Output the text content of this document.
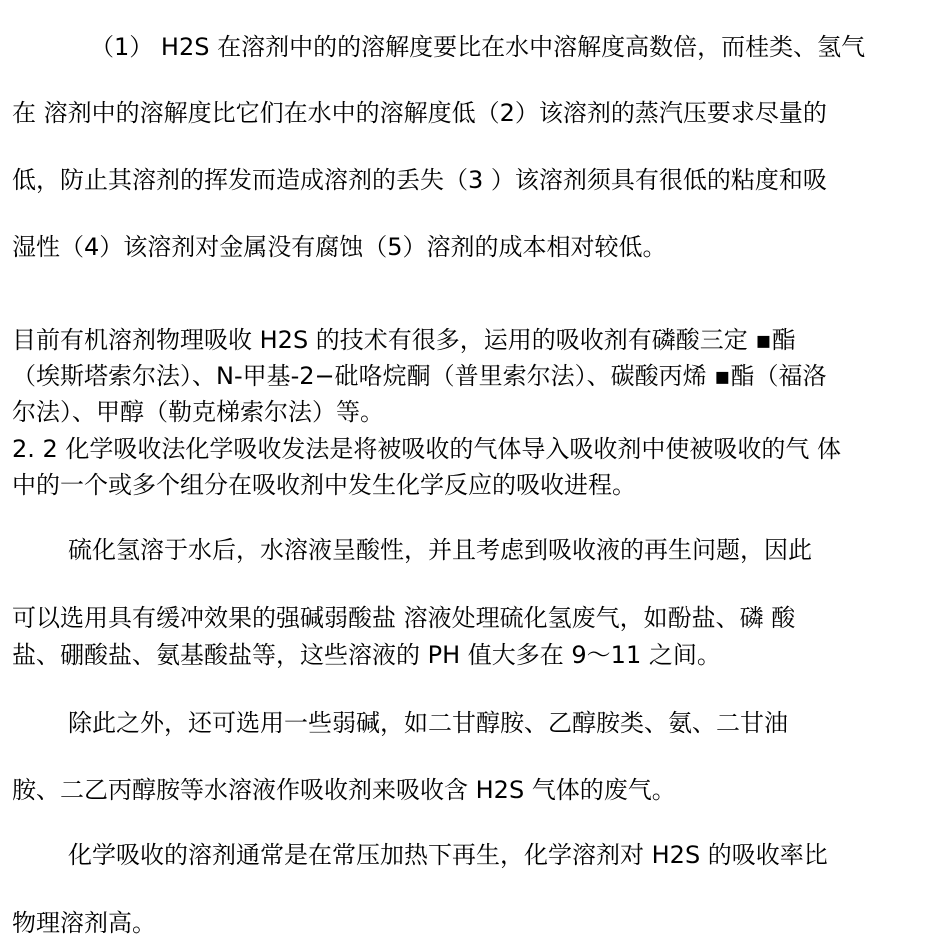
（1） H2S 在溶剂中的的溶解度要比在水中溶解度高数倍，而桂类、氢气
在 溶剂中的溶解度比它们在水中的溶解度低（2）该溶剂的蒸汽压要求尽量的
低，防止其溶剂的挥发而造成溶剂的丢失（3 ）该溶剂须具有很低的粘度和吸
湿性（4）该溶剂对金属没有腐蚀（5）溶剂的成本相对较低。
目前有机溶剂物理吸收 H2S 的技术有很多，运用的吸收剂有磷酸三定 ▪酯
（埃斯塔索尔法）、N-甲基-2−砒咯烷酮（普里索尔法）、碳酸丙烯 ▪酯（福洛
尔法）、甲醇（勒克梯索尔法）等。
2. 2 化学吸收法化学吸收发法是将被吸收的气体导入吸收剂中使被吸收的气 体
中的一个或多个组分在吸收剂中发生化学反应的吸收进程。
硫化氢溶于水后，水溶液呈酸性，并且考虑到吸收液的再生问题，因此
可以选用具有缓冲效果的强碱弱酸盐 溶液处理硫化氢废气，如酚盐、磷 酸
盐、硼酸盐、氨基酸盐等，这些溶液的 PH 值大多在 9〜11 之间。
除此之外，还可选用一些弱碱，如二甘醇胺、乙醇胺类、氨、二甘油
胺、二乙丙醇胺等水溶液作吸收剂来吸收含 H2S 气体的废气。
化学吸收的溶剂通常是在常压加热下再生，化学溶剂对 H2S 的吸收率比
物理溶剂高。
